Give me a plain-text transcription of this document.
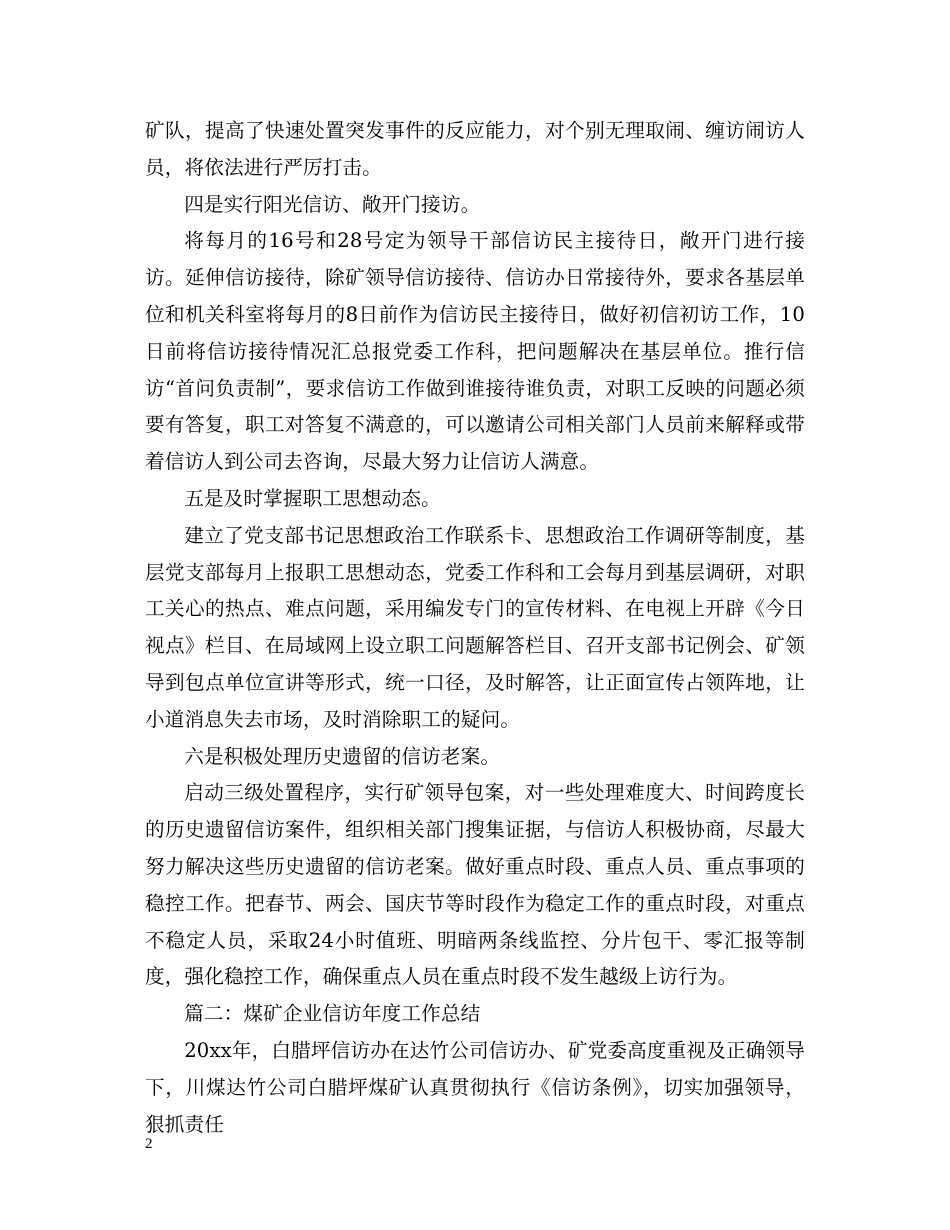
矿队，提高了快速处置突发事件的反应能力，对个别无理取闹、缠访闹访人员，将依法进行严厉打击。

四是实行阳光信访、敞开门接访。

将每月的16号和28号定为领导干部信访民主接待日，敞开门进行接访。延伸信访接待，除矿领导信访接待、信访办日常接待外，要求各基层单位和机关科室将每月的8日前作为信访民主接待日，做好初信初访工作，10日前将信访接待情况汇总报党委工作科，把问题解决在基层单位。推行信访“首问负责制”，要求信访工作做到谁接待谁负责，对职工反映的问题必须要有答复，职工对答复不满意的，可以邀请公司相关部门人员前来解释或带着信访人到公司去咨询，尽最大努力让信访人满意。

五是及时掌握职工思想动态。

建立了党支部书记思想政治工作联系卡、思想政治工作调研等制度，基层党支部每月上报职工思想动态，党委工作科和工会每月到基层调研，对职工关心的热点、难点问题，采用编发专门的宣传材料、在电视上开辟《今日视点》栏目、在局域网上设立职工问题解答栏目、召开支部书记例会、矿领导到包点单位宣讲等形式，统一口径，及时解答，让正面宣传占领阵地，让小道消息失去市场，及时消除职工的疑问。

六是积极处理历史遗留的信访老案。

启动三级处置程序，实行矿领导包案，对一些处理难度大、时间跨度长的历史遗留信访案件，组织相关部门搜集证据，与信访人积极协商，尽最大努力解决这些历史遗留的信访老案。做好重点时段、重点人员、重点事项的稳控工作。把春节、两会、国庆节等时段作为稳定工作的重点时段，对重点不稳定人员，采取24小时值班、明暗两条线监控、分片包干、零汇报等制度，强化稳控工作，确保重点人员在重点时段不发生越级上访行为。

篇二：煤矿企业信访年度工作总结

20xx年，白腊坪信访办在达竹公司信访办、矿党委高度重视及正确领导下，川煤达竹公司白腊坪煤矿认真贯彻执行《信访条例》，切实加强领导，狠抓责任

2
